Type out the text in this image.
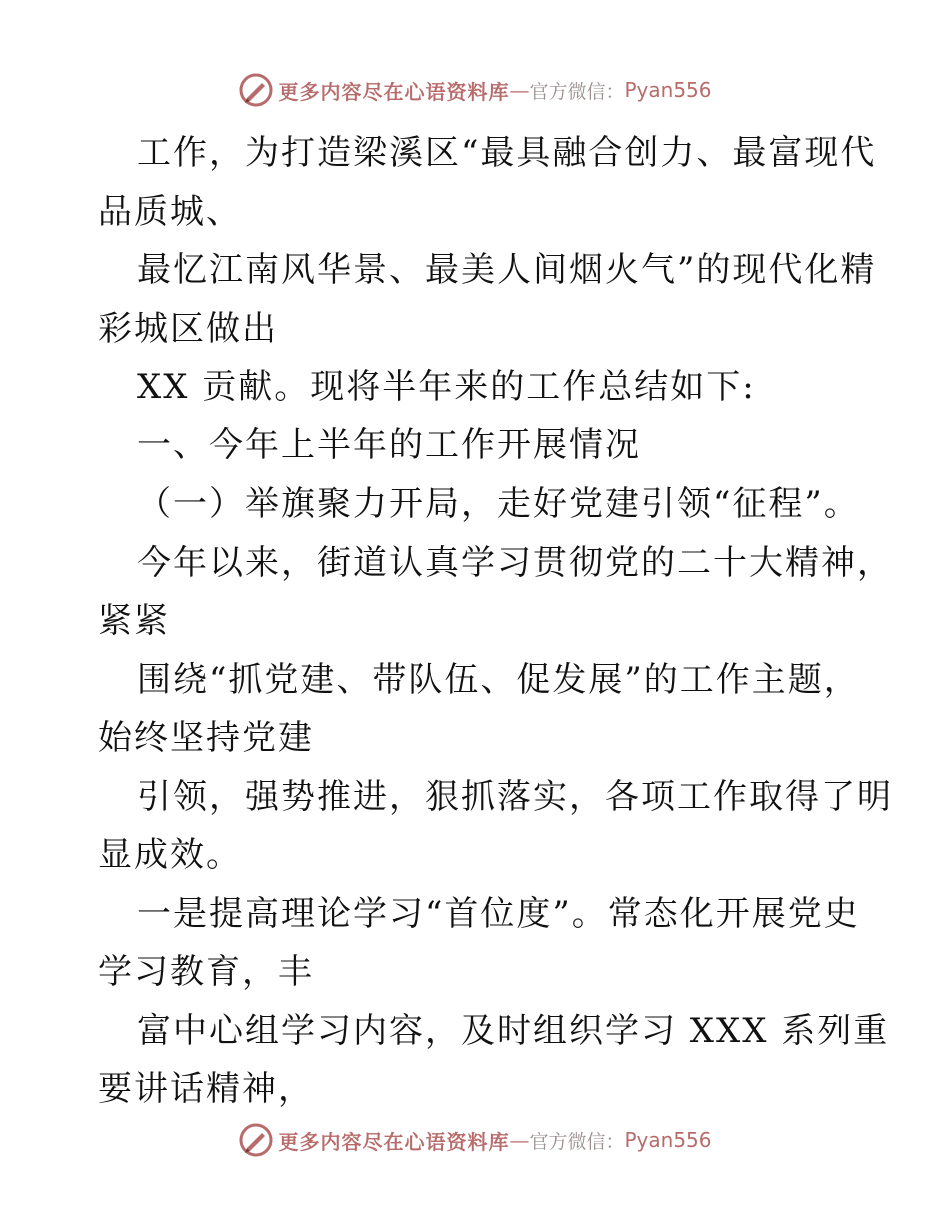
更多内容尽在心语资料库 — 官方微信： Pyan556
工作，为打造梁溪区“最具融合创力、最富现代
品质城、
最忆江南风华景、最美人间烟火气”的现代化精
彩城区做出
XX 贡献。现将半年来的工作总结如下:
一、今年上半年的工作开展情况
（一）举旗聚力开局，走好党建引领“征程”。
今年以来，街道认真学习贯彻党的二十大精神，
紧紧
围绕“抓党建、带队伍、促发展”的工作主题，
始终坚持党建
引领，强势推进，狠抓落实，各项工作取得了明
显成效。
一是提高理论学习“首位度”。常态化开展党史
学习教育，丰
富中心组学习内容，及时组织学习 XXX 系列重
要讲话精神，
更多内容尽在心语资料库 — 官方微信： Pyan556
